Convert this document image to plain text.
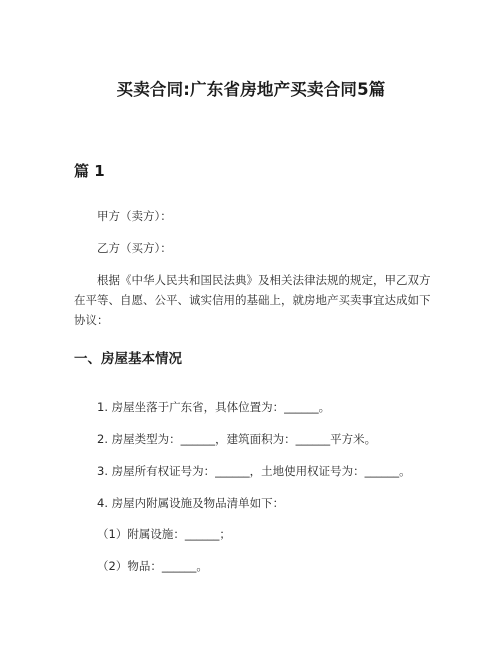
买卖合同:广东省房地产买卖合同5篇
篇 1
甲方（卖方）：
乙方（买方）：
根据《中华人民共和国民法典》及相关法律法规的规定，甲乙双方在平等、自愿、公平、诚实信用的基础上，就房地产买卖事宜达成如下协议：
一、房屋基本情况
1. 房屋坐落于广东省，具体位置为：______。
2. 房屋类型为：______，建筑面积为：______平方米。
3. 房屋所有权证号为：______，土地使用权证号为：______。
4. 房屋内附属设施及物品清单如下：
（1）附属设施：______；
（2）物品：______。
